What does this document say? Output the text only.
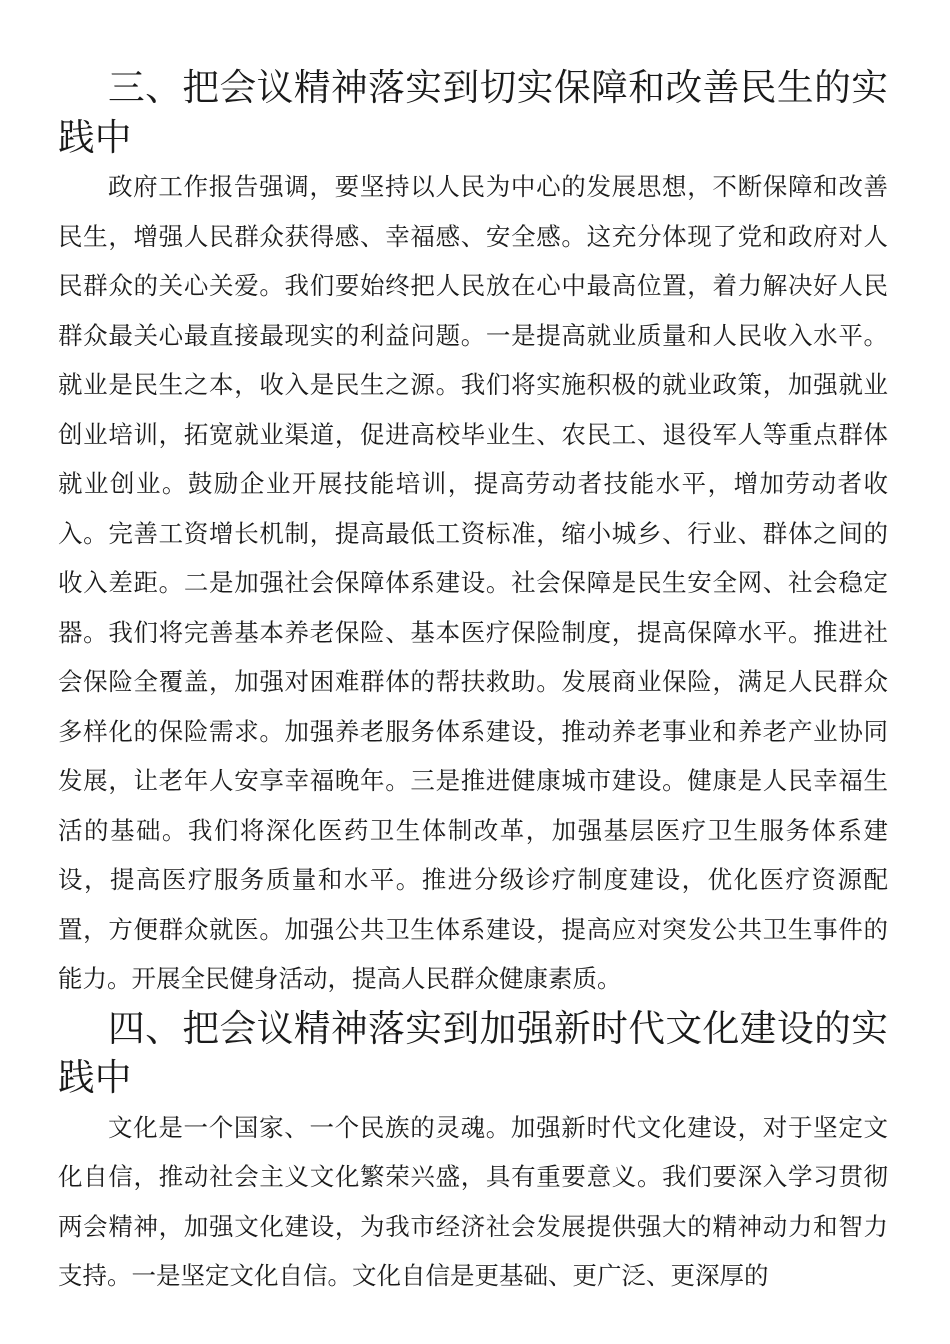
三、把会议精神落实到切实保障和改善民生的实践中

政府工作报告强调，要坚持以人民为中心的发展思想，不断保障和改善民生，增强人民群众获得感、幸福感、安全感。这充分体现了党和政府对人民群众的关心关爱。我们要始终把人民放在心中最高位置，着力解决好人民群众最关心最直接最现实的利益问题。一是提高就业质量和人民收入水平。就业是民生之本，收入是民生之源。我们将实施积极的就业政策，加强就业创业培训，拓宽就业渠道，促进高校毕业生、农民工、退役军人等重点群体就业创业。鼓励企业开展技能培训，提高劳动者技能水平，增加劳动者收入。完善工资增长机制，提高最低工资标准，缩小城乡、行业、群体之间的收入差距。二是加强社会保障体系建设。社会保障是民生安全网、社会稳定器。我们将完善基本养老保险、基本医疗保险制度，提高保障水平。推进社会保险全覆盖，加强对困难群体的帮扶救助。发展商业保险，满足人民群众多样化的保险需求。加强养老服务体系建设，推动养老事业和养老产业协同发展，让老年人安享幸福晚年。三是推进健康城市建设。健康是人民幸福生活的基础。我们将深化医药卫生体制改革，加强基层医疗卫生服务体系建设，提高医疗服务质量和水平。推进分级诊疗制度建设，优化医疗资源配置，方便群众就医。加强公共卫生体系建设，提高应对突发公共卫生事件的能力。开展全民健身活动，提高人民群众健康素质。

四、把会议精神落实到加强新时代文化建设的实践中

文化是一个国家、一个民族的灵魂。加强新时代文化建设，对于坚定文化自信，推动社会主义文化繁荣兴盛，具有重要意义。我们要深入学习贯彻两会精神，加强文化建设，为我市经济社会发展提供强大的精神动力和智力支持。一是坚定文化自信。文化自信是更基础、更广泛、更深厚的
